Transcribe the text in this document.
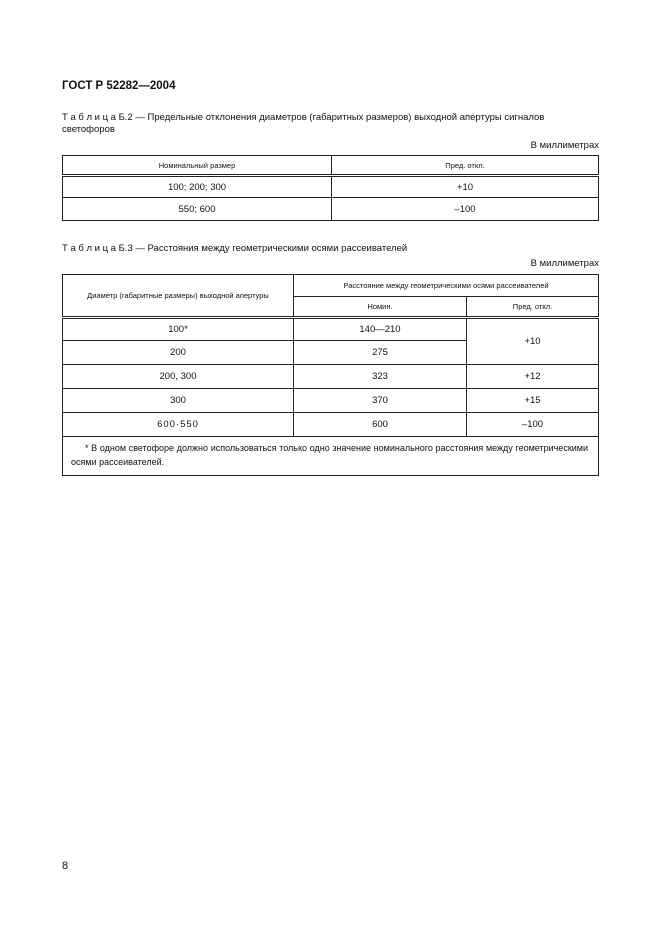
ГОСТ Р 52282—2004
Т а б л и ц а Б.2 — Предельные отклонения диаметров (габаритных размеров) выходной апертуры сигналов светофоров
В миллиметрах
Номинальный размер	Пред. откл.
100; 200; 300	+10
550; 600	–100
Т а б л и ц а Б.3 — Расстояния между геометрическими осями рассеивателей
В миллиметрах
Диаметр (габаритные размеры) выходной апертуры	Расстояние между геометрическими осями рассеивателей	
	Номин.	Пред. откл.
100*	140—210	+10
200	275	
200, 300	323	+12
300	370	+15
600·550	600	–100
* В одном светофоре должно использоваться только одно значение номинального расстояния между геометрическими осями рассеивателей.		
8
